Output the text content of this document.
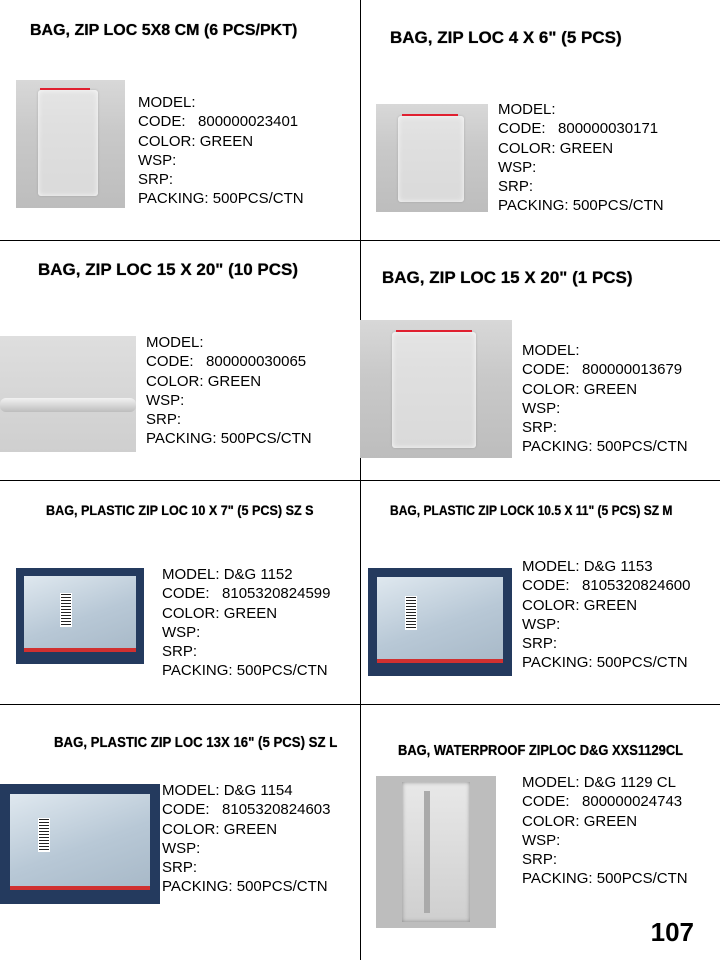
BAG, ZIP LOC 5X8 CM (6 PCS/PKT)
MODEL:
CODE: 800000023401
COLOR: GREEN
WSP:
SRP:
PACKING: 500PCS/CTN
BAG, ZIP LOC 4 X 6" (5 PCS)
MODEL:
CODE: 800000030171
COLOR: GREEN
WSP:
SRP:
PACKING: 500PCS/CTN
BAG, ZIP LOC 15 X 20" (10 PCS)
MODEL:
CODE: 800000030065
COLOR: GREEN
WSP:
SRP:
PACKING: 500PCS/CTN
BAG, ZIP LOC 15 X 20" (1 PCS)
MODEL:
CODE: 800000013679
COLOR: GREEN
WSP:
SRP:
PACKING: 500PCS/CTN
BAG, PLASTIC ZIP LOC 10 X 7" (5 PCS) SZ S
MODEL: D&G 1152
CODE: 8105320824599
COLOR: GREEN
WSP:
SRP:
PACKING: 500PCS/CTN
BAG, PLASTIC ZIP LOCK 10.5 X 11" (5 PCS) SZ M
MODEL: D&G 1153
CODE: 8105320824600
COLOR: GREEN
WSP:
SRP:
PACKING: 500PCS/CTN
BAG, PLASTIC ZIP LOC 13X 16" (5 PCS) SZ L
MODEL: D&G 1154
CODE: 8105320824603
COLOR: GREEN
WSP:
SRP:
PACKING: 500PCS/CTN
BAG, WATERPROOF ZIPLOC D&G XXS1129CL
MODEL: D&G 1129 CL
CODE: 800000024743
COLOR: GREEN
WSP:
SRP:
PACKING: 500PCS/CTN
107
